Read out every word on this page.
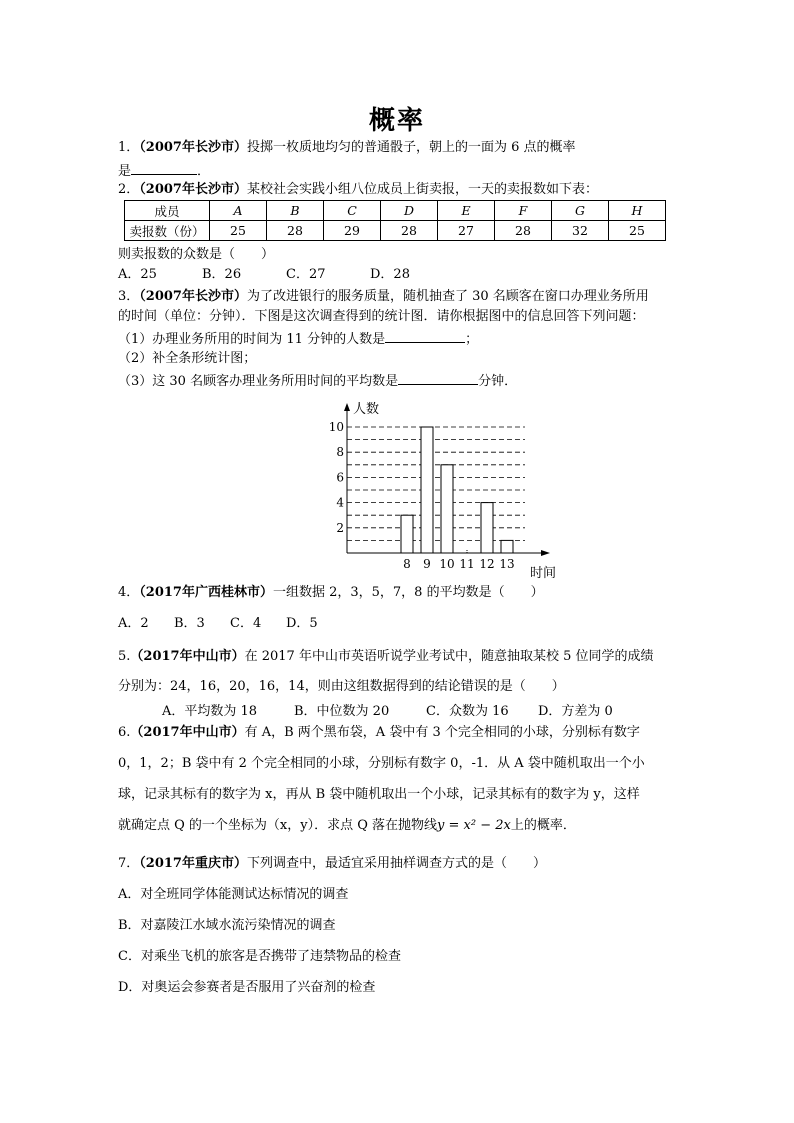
概率
1．（2007年长沙市）投掷一枚质地均匀的普通骰子，朝上的一面为 6 点的概率
是	．
2．（2007年长沙市）某校社会实践小组八位成员上街卖报，一天的卖报数如下表：
成员	A	B	C	D	E	F	G	H
卖报数（份）	25	28	29	28	27	28	32	25
则卖报数的众数是（　　）
A．25	B．26	C．27	D．28
3．（2007年长沙市）为了改进银行的服务质量，随机抽查了 30 名顾客在窗口办理业务所用
的时间（单位：分钟）．下图是这次调查得到的统计图．请你根据图中的信息回答下列问题：
（1）办理业务所用的时间为 11 分钟的人数是	；
（2）补全条形统计图；
（3）这 30 名顾客办理业务所用时间的平均数是	分钟．
2
4
6
8
10
人数
时间
8 9 10 11 12 13
4．（2017年广西桂林市）一组数据 2，3，5，7，8 的平均数是（　　）
A．2 B．3 C．4 D．5
5.（2017年中山市）在 2017 年中山市英语听说学业考试中，随意抽取某校 5 位同学的成绩
分别为：24，16，20，16，14，则由这组数据得到的结论错误的是（　　）
A．平均数为 18	B．中位数为 20	C．众数为 16 D．方差为 0
6.（2017年中山市）有 A，B 两个黑布袋，A 袋中有 3 个完全相同的小球，分别标有数字
0，1，2；B 袋中有 2 个完全相同的小球，分别标有数字 0，-1．从 A 袋中随机取出一个小
球，记录其标有的数字为 x，再从 B 袋中随机取出一个小球，记录其标有的数字为 y，这样
就确定点 Q 的一个坐标为（x，y）．求点 Q 落在抛物线y = x² − 2x上的概率．
7．（2017年重庆市）下列调查中，最适宜采用抽样调查方式的是（　　）
A．对全班同学体能测试达标情况的调查
B．对嘉陵江水域水流污染情况的调查
C．对乘坐飞机的旅客是否携带了违禁物品的检查
D．对奥运会参赛者是否服用了兴奋剂的检查
